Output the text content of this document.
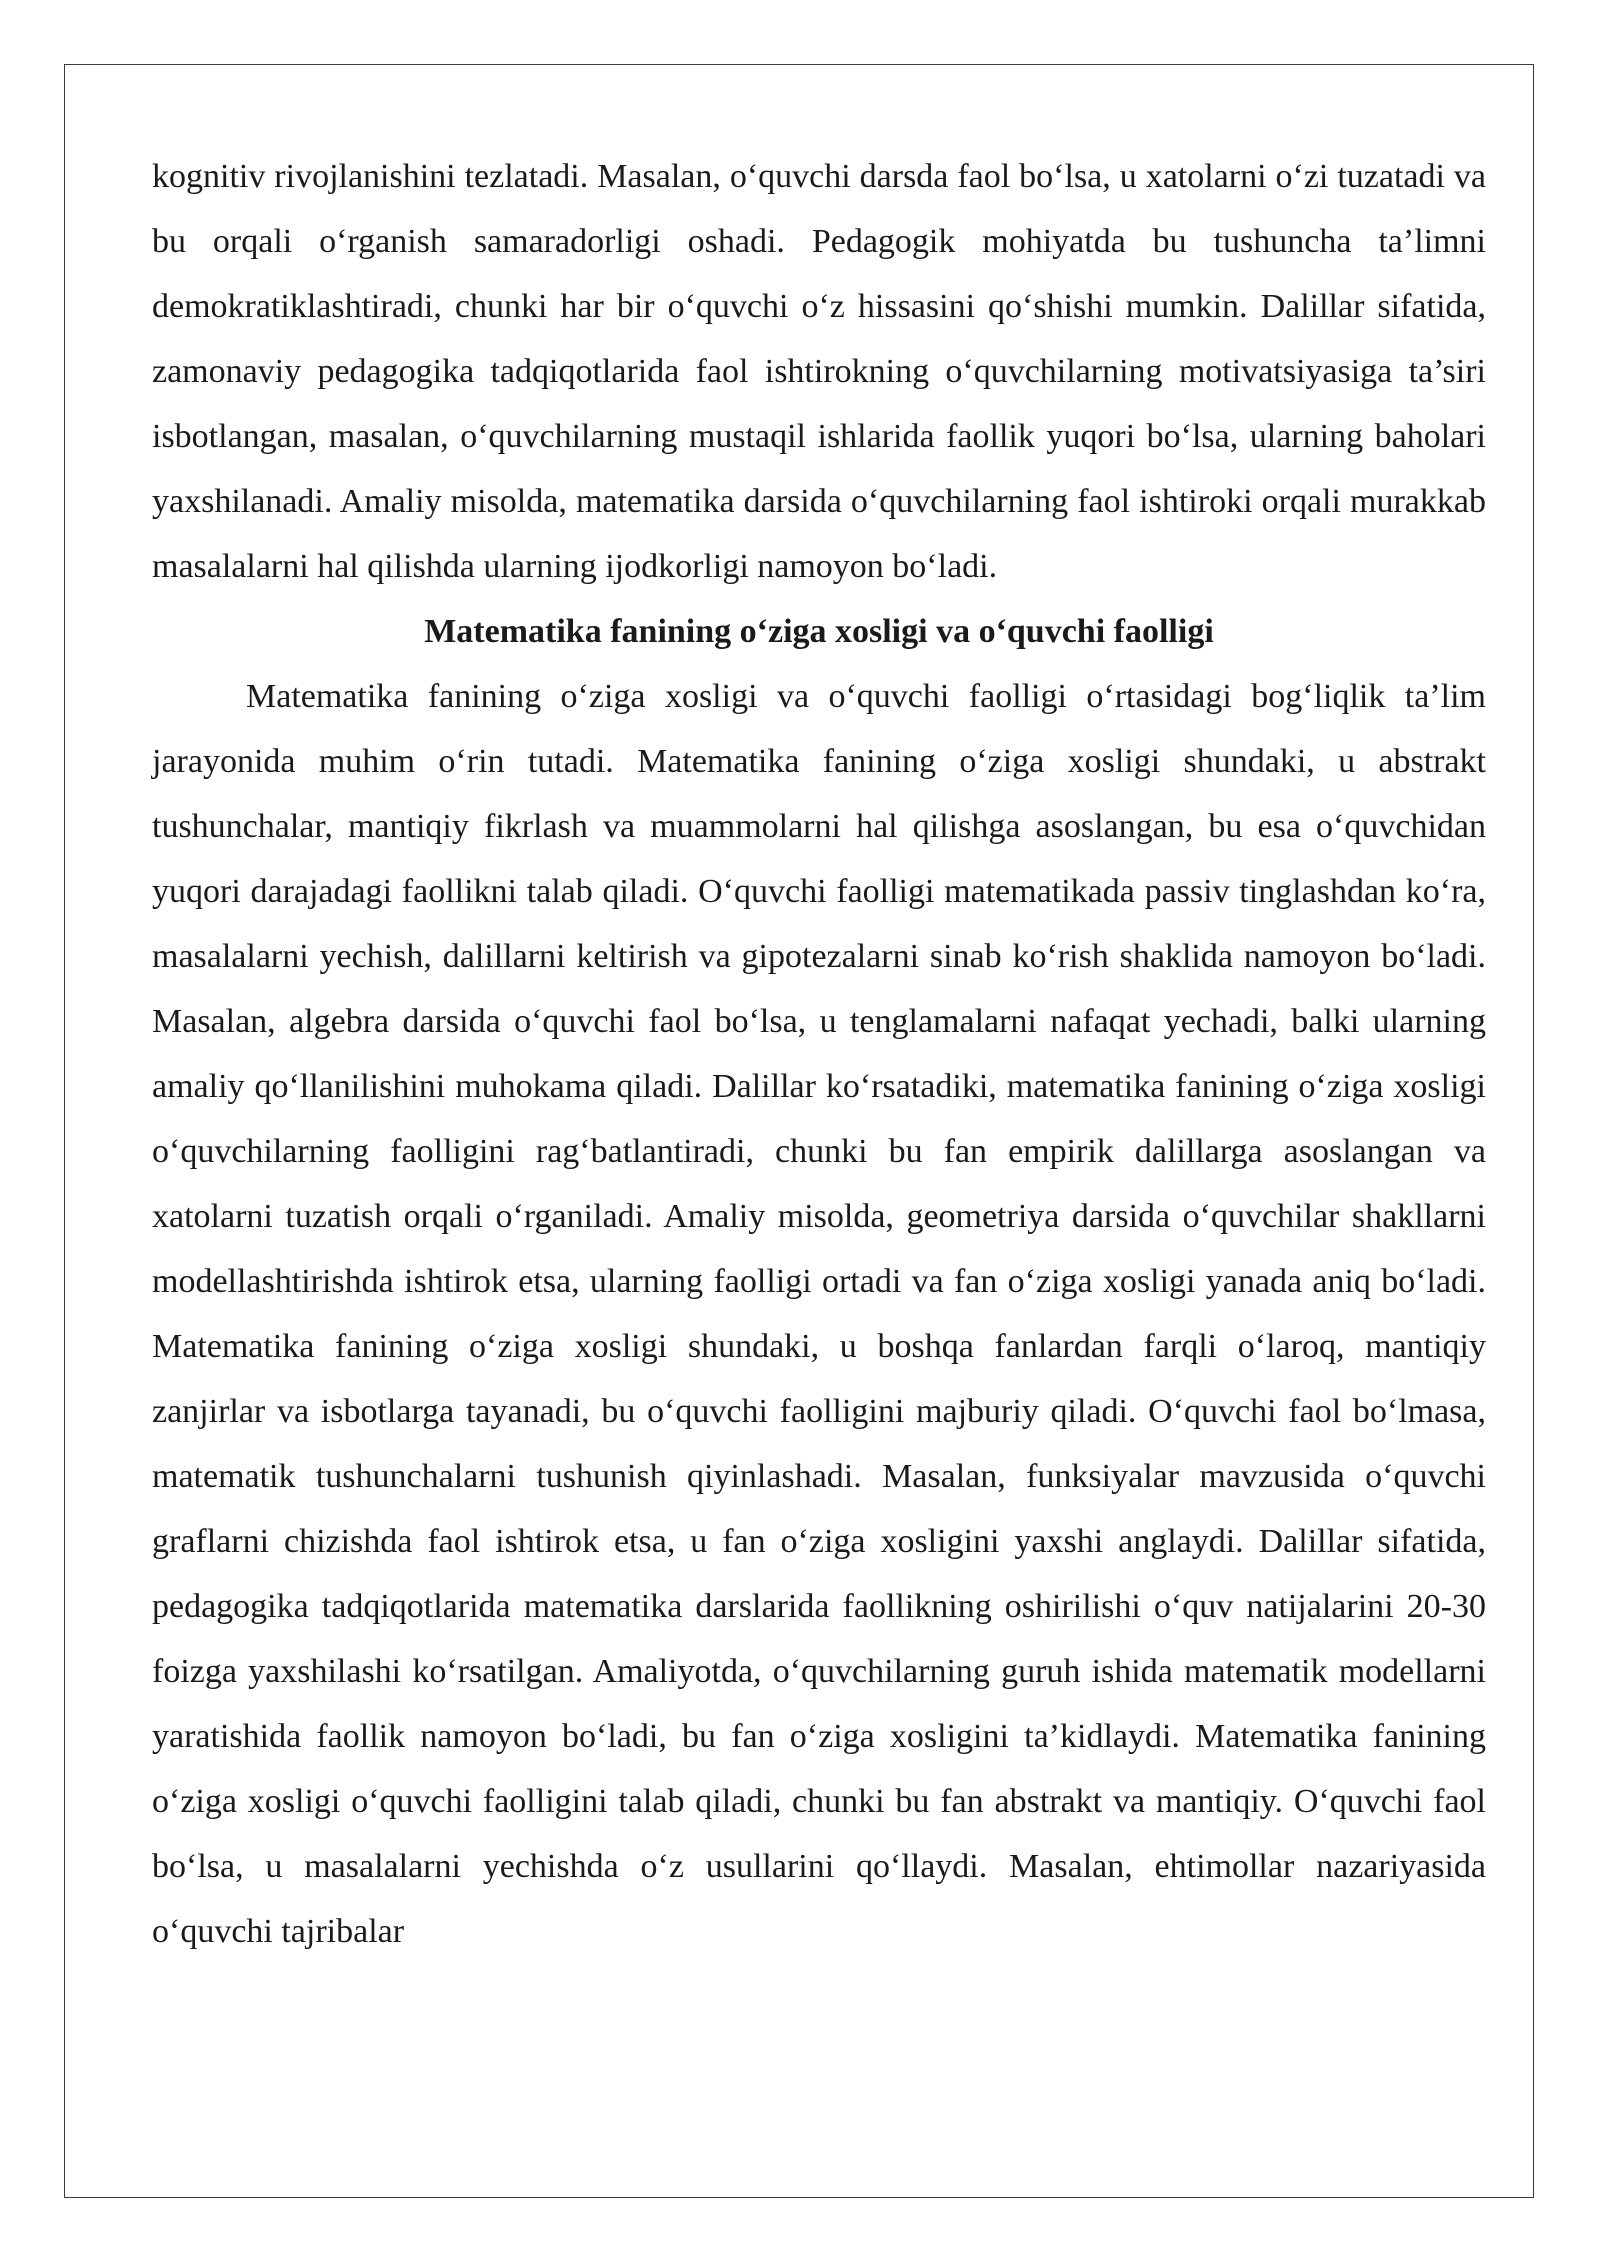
kognitiv rivojlanishini tezlatadi. Masalan, o‘quvchi darsda faol bo‘lsa, u xatolarni o‘zi tuzatadi va bu orqali o‘rganish samaradorligi oshadi. Pedagogik mohiyatda bu tushuncha ta’limni demokratiklashtiradi, chunki har bir o‘quvchi o‘z hissasini qo‘shishi mumkin. Dalillar sifatida, zamonaviy pedagogika tadqiqotlarida faol ishtirokning o‘quvchilarning motivatsiyasiga ta’siri isbotlangan, masalan, o‘quvchilarning mustaqil ishlarida faollik yuqori bo‘lsa, ularning baholari yaxshilanadi. Amaliy misolda, matematika darsida o‘quvchilarning faol ishtiroki orqali murakkab masalalarni hal qilishda ularning ijodkorligi namoyon bo‘ladi.

Matematika fanining o‘ziga xosligi va o‘quvchi faolligi

Matematika fanining o‘ziga xosligi va o‘quvchi faolligi o‘rtasidagi bog‘liqlik ta’lim jarayonida muhim o‘rin tutadi. Matematika fanining o‘ziga xosligi shundaki, u abstrakt tushunchalar, mantiqiy fikrlash va muammolarni hal qilishga asoslangan, bu esa o‘quvchidan yuqori darajadagi faollikni talab qiladi. O‘quvchi faolligi matematikada passiv tinglashdan ko‘ra, masalalarni yechish, dalillarni keltirish va gipotezalarni sinab ko‘rish shaklida namoyon bo‘ladi. Masalan, algebra darsida o‘quvchi faol bo‘lsa, u tenglamalarni nafaqat yechadi, balki ularning amaliy qo‘llanilishini muhokama qiladi. Dalillar ko‘rsatadiki, matematika fanining o‘ziga xosligi o‘quvchilarning faolligini rag‘batlantiradi, chunki bu fan empirik dalillarga asoslangan va xatolarni tuzatish orqali o‘rganiladi. Amaliy misolda, geometriya darsida o‘quvchilar shakllarni modellashtirishda ishtirok etsa, ularning faolligi ortadi va fan o‘ziga xosligi yanada aniq bo‘ladi. Matematika fanining o‘ziga xosligi shundaki, u boshqa fanlardan farqli o‘laroq, mantiqiy zanjirlar va isbotlarga tayanadi, bu o‘quvchi faolligini majburiy qiladi. O‘quvchi faol bo‘lmasa, matematik tushunchalarni tushunish qiyinlashadi. Masalan, funksiyalar mavzusida o‘quvchi graflarni chizishda faol ishtirok etsa, u fan o‘ziga xosligini yaxshi anglaydi. Dalillar sifatida, pedagogika tadqiqotlarida matematika darslarida faollikning oshirilishi o‘quv natijalarini 20-30 foizga yaxshilashi ko‘rsatilgan. Amaliyotda, o‘quvchilarning guruh ishida matematik modellarni yaratishida faollik namoyon bo‘ladi, bu fan o‘ziga xosligini ta’kidlaydi. Matematika fanining o‘ziga xosligi o‘quvchi faolligini talab qiladi, chunki bu fan abstrakt va mantiqiy. O‘quvchi faol bo‘lsa, u masalalarni yechishda o‘z usullarini qo‘llaydi. Masalan, ehtimollar nazariyasida o‘quvchi tajribalar
